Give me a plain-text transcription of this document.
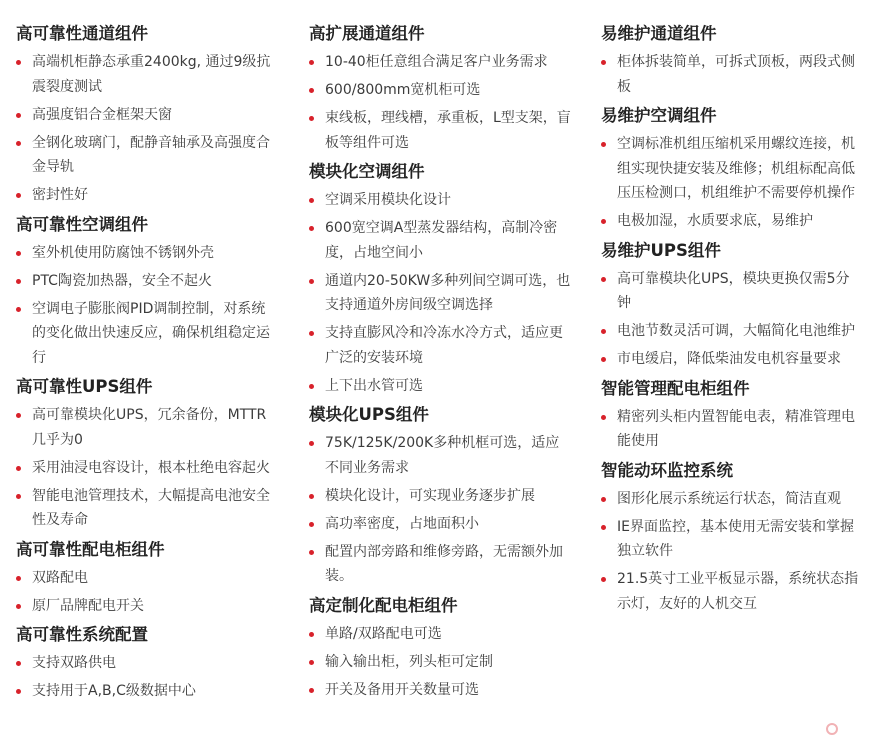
高可靠性通道组件
高端机柜静态承重2400kg, 通过9级抗震裂度测试
高强度铝合金框架天窗
全钢化玻璃门，配静音轴承及高强度合金导轨
密封性好
高可靠性空调组件
室外机使用防腐蚀不锈钢外壳
PTC陶瓷加热器，安全不起火
空调电子膨胀阀PID调制控制，对系统的变化做出快速反应，确保机组稳定运行
高可靠性UPS组件
高可靠模块化UPS，冗余备份，MTTR几乎为0
采用油浸电容设计，根本杜绝电容起火
智能电池管理技术，大幅提高电池安全性及寿命
高可靠性配电柜组件
双路配电
原厂品牌配电开关
高可靠性系统配置
支持双路供电
支持用于A,B,C级数据中心
高扩展通道组件
10-40柜任意组合满足客户业务需求
600/800mm宽机柜可选
束线板，理线槽，承重板，L型支架，盲板等组件可选
模块化空调组件
空调采用模块化设计
600宽空调A型蒸发器结构，高制冷密度，占地空间小
通道内20-50KW多种列间空调可选，也支持通道外房间级空调选择
支持直膨风冷和冷冻水冷方式，适应更广泛的安装环境
上下出水管可选
模块化UPS组件
75K/125K/200K多种机框可选，适应不同业务需求
模块化设计，可实现业务逐步扩展
高功率密度，占地面积小
配置内部旁路和维修旁路，无需额外加装。
高定制化配电柜组件
单路/双路配电可选
输入输出柜，列头柜可定制
开关及备用开关数量可选
易维护通道组件
柜体拆装简单，可拆式顶板，两段式侧板
易维护空调组件
空调标准机组压缩机采用螺纹连接，机组实现快捷安装及维修；机组标配高低压压检测口，机组维护不需要停机操作
电极加湿，水质要求底，易维护
易维护UPS组件
高可靠模块化UPS，模块更换仅需5分钟
电池节数灵活可调，大幅简化电池维护
市电缓启，降低柴油发电机容量要求
智能管理配电柜组件
精密列头柜内置智能电表，精准管理电能使用
智能动环监控系统
图形化展示系统运行状态，简洁直观
IE界面监控，基本使用无需安装和掌握独立软件
21.5英寸工业平板显示器，系统状态指示灯，友好的人机交互
